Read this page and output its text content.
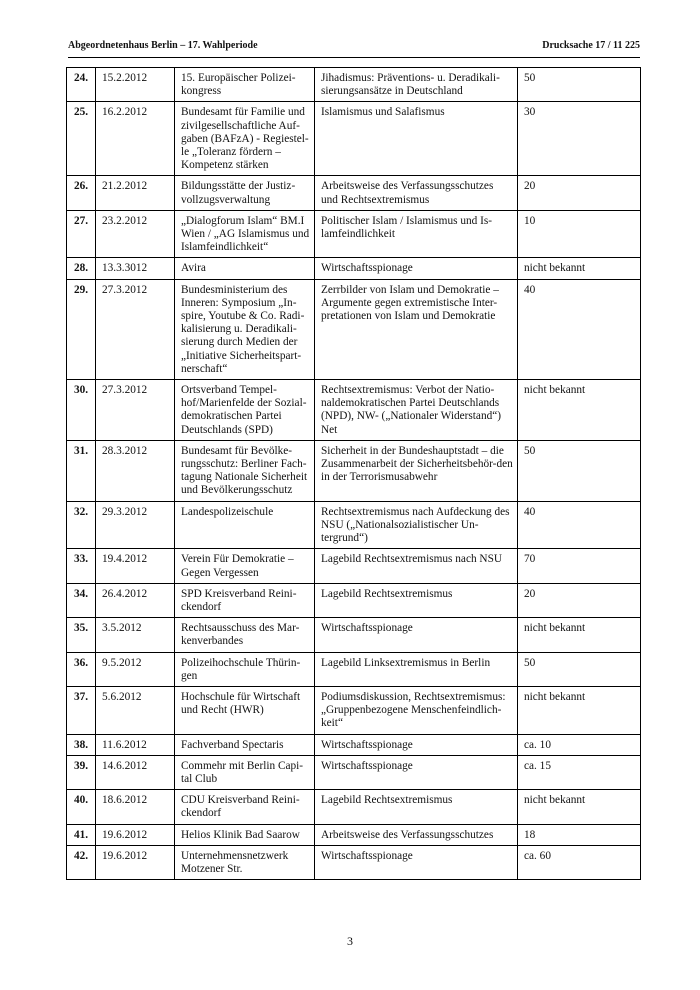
Abgeordnetenhaus Berlin – 17. Wahlperiode	Drucksache 17 / 11 225
24.	15.2.2012	15. Europäischer Polizei-kongress	Jihadismus: Präventions- u. Deradikali-sierungsansätze in Deutschland	50
25.	16.2.2012	Bundesamt für Familie und zivilgesellschaftliche Auf-gaben (BAFzA) - Regiestel-le „Toleranz fördern – Kompetenz stärken	Islamismus und Salafismus	30
26.	21.2.2012	Bildungsstätte der Justiz-vollzugsverwaltung	Arbeitsweise des Verfassungsschutzes und Rechtsextremismus	20
27.	23.2.2012	„Dialogforum Islam“ BM.I Wien / „AG Islamismus und Islamfeindlichkeit“	Politischer Islam / Islamismus und Is-lamfeindlichkeit	10
28.	13.3.3012	Avira	Wirtschaftsspionage	nicht bekannt
29.	27.3.2012	Bundesministerium des Inneren: Symposium „In-spire, Youtube & Co. Radi-kalisierung u. Deradikali-sierung durch Medien der „Initiative Sicherheitspart-nerschaft“	Zerrbilder von Islam und Demokratie – Argumente gegen extremistische Inter-pretationen von Islam und Demokratie	40
30.	27.3.2012	Ortsverband Tempel-hof/Marienfelde der Sozial-demokratischen Partei Deutschlands (SPD)	Rechtsextremismus: Verbot der Natio-naldemokratischen Partei Deutschlands (NPD), NW- („Nationaler Widerstand“) Net	nicht bekannt
31.	28.3.2012	Bundesamt für Bevölke-rungsschutz: Berliner Fach-tagung Nationale Sicherheit und Bevölkerungsschutz	Sicherheit in der Bundeshauptstadt – die Zusammenarbeit der Sicherheitsbehör-den in der Terrorismusabwehr	50
32.	29.3.2012	Landespolizeischule	Rechtsextremismus nach Aufdeckung des NSU („Nationalsozialistischer Un-tergrund“)	40
33.	19.4.2012	Verein Für Demokratie – Gegen Vergessen	Lagebild Rechtsextremismus nach NSU	70
34.	26.4.2012	SPD Kreisverband Reini-ckendorf	Lagebild Rechtsextremismus	20
35.	3.5.2012	Rechtsausschuss des Mar-kenverbandes	Wirtschaftsspionage	nicht bekannt
36.	9.5.2012	Polizeihochschule Thürin-gen	Lagebild Linksextremismus in Berlin	50
37.	5.6.2012	Hochschule für Wirtschaft und Recht (HWR)	Podiumsdiskussion, Rechtsextremismus: „Gruppenbezogene Menschenfeindlich-keit“	nicht bekannt
38.	11.6.2012	Fachverband Spectaris	Wirtschaftsspionage	ca. 10
39.	14.6.2012	Commehr mit Berlin Capi-tal Club	Wirtschaftsspionage	ca. 15
40.	18.6.2012	CDU Kreisverband Reini-ckendorf	Lagebild Rechtsextremismus	nicht bekannt
41.	19.6.2012	Helios Klinik Bad Saarow	Arbeitsweise des Verfassungsschutzes	18
42.	19.6.2012	Unternehmensnetzwerk Motzener Str.	Wirtschaftsspionage	ca. 60
3
